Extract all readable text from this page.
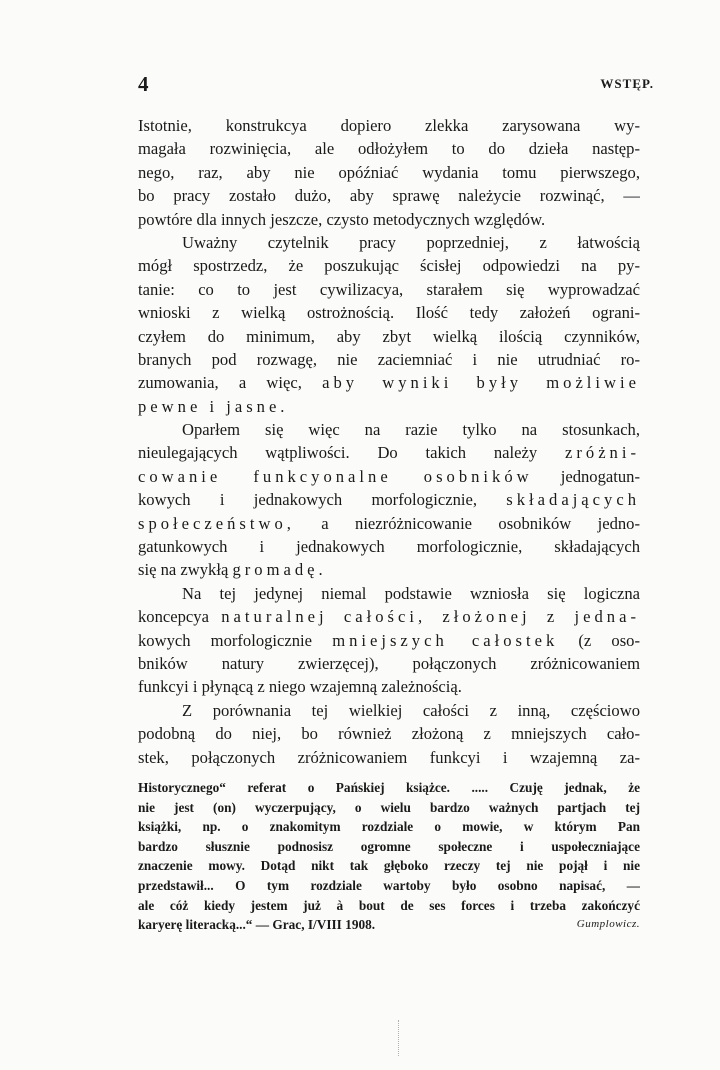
4	WSTĘP.
Istotnie, konstrukcya dopiero zlekka zarysowana wy-
magała rozwinięcia, ale odłożyłem to do dzieła następ-
nego, raz, aby nie opóźniać wydania tomu pierwszego,
bo pracy zostało dużo, aby sprawę należycie rozwinąć, —
powtóre dla innych jeszcze, czysto metodycznych względów.
Uważny czytelnik pracy poprzedniej, z łatwością
mógł spostrzedz, że poszukując ścisłej odpowiedzi na py-
tanie: co to jest cywilizacya, starałem się wyprowadzać
wnioski z wielką ostrożnością. Ilość tedy założeń ograni-
czyłem do minimum, aby zbyt wielką ilością czynników,
branych pod rozwagę, nie zaciemniać i nie utrudniać ro-
zumowania, a więc, aby wyniki były możliwie
pewne i jasne.
Oparłem się więc na razie tylko na stosunkach,
nieulegających wątpliwości. Do takich należy zróżni-
cowanie funkcyonalne osobników jednogatun-
kowych i jednakowych morfologicznie, składających
społeczeństwo, a niezróżnicowanie osobników jedno-
gatunkowych i jednakowych morfologicznie, składających
się na zwykłą gromadę.
Na tej jedynej niemal podstawie wzniosła się logiczna
koncepcya naturalnej całości, złożonej z jedna-
kowych morfologicznie mniejszych całostek (z oso-
bników natury zwierzęcej), połączonych zróżnicowaniem
funkcyi i płynącą z niego wzajemną zależnością.
Z porównania tej wielkiej całości z inną, częściowo
podobną do niej, bo również złożoną z mniejszych cało-
stek, połączonych zróżnicowaniem funkcyi i wzajemną za-
Historycznego“ referat o Pańskiej książce. ..... Czuję jednak, że
nie jest (on) wyczerpujący, o wielu bardzo ważnych partjach tej
książki, np. o znakomitym rozdziale o mowie, w którym Pan
bardzo słusznie podnosisz ogromne społeczne i uspołeczniające
znaczenie mowy. Dotąd nikt tak głęboko rzeczy tej nie pojął i nie
przedstawił... O tym rozdziale wartoby było osobno napisać, —
ale cóż kiedy jestem już à bout de ses forces i trzeba zakończyć
karyerę literacką...“ — Grac, I/VIII 1908.	Gumplowicz.
